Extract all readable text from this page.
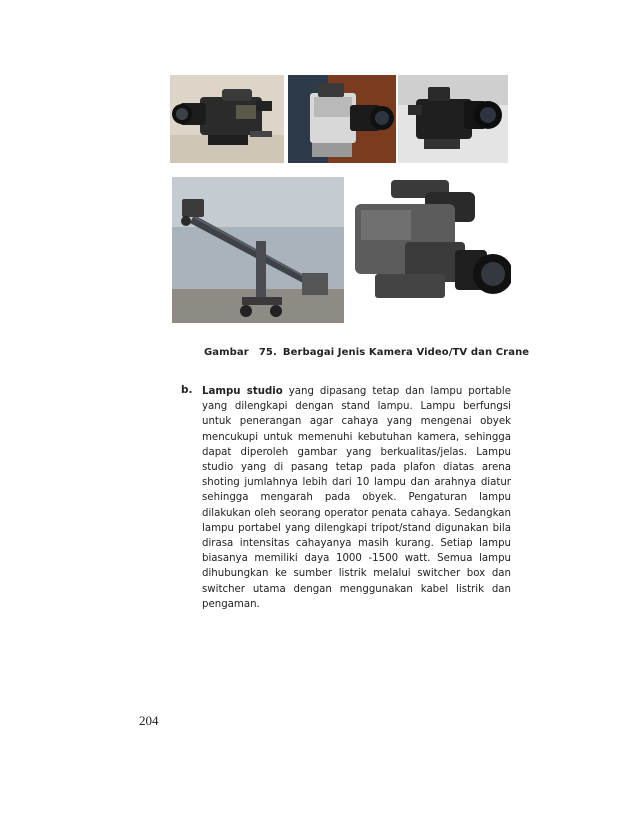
Gambar 75. Berbagai Jenis Kamera Video/TV dan Crane
b. Lampu studio yang dipasang tetap dan lampu portable yang dilengkapi dengan stand lampu. Lampu berfungsi untuk penerangan agar cahaya yang mengenai obyek mencukupi untuk memenuhi kebutuhan kamera, sehingga dapat diperoleh gambar yang berkualitas/jelas. Lampu studio yang di pasang tetap pada plafon diatas arena shoting jumlahnya lebih dari 10 lampu dan arahnya diatur sehingga mengarah pada obyek. Pengaturan lampu dilakukan oleh seorang operator penata cahaya. Sedangkan lampu portabel yang dilengkapi tripot/stand digunakan bila dirasa intensitas cahayanya masih kurang. Setiap lampu biasanya memiliki daya 1000 -1500 watt. Semua lampu dihubungkan ke sumber listrik melalui switcher box dan switcher utama dengan menggunakan kabel listrik dan pengaman.
204
